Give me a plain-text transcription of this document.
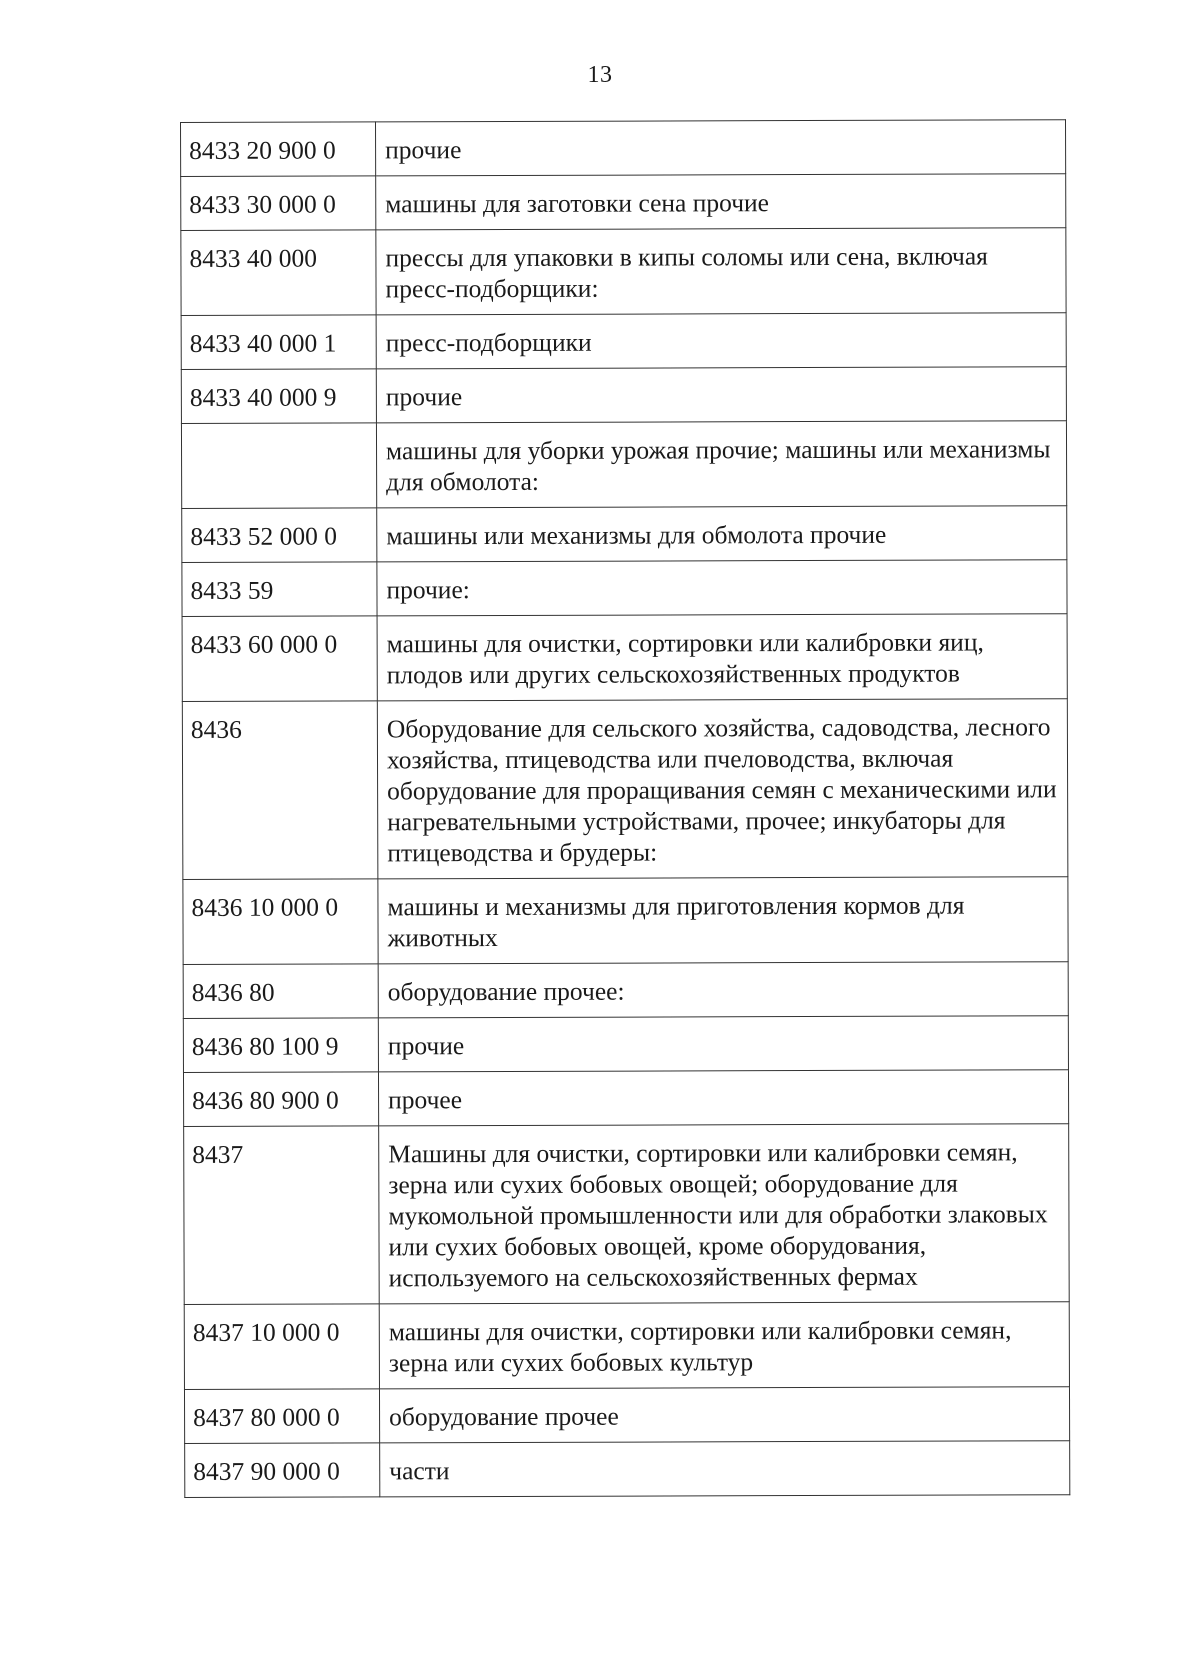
13
8433 20 900 0	прочие
8433 30 000 0	машины для заготовки сена прочие
8433 40 000	прессы для упаковки в кипы соломы или сена, включая пресс-подборщики:
8433 40 000 1	пресс-подборщики
8433 40 000 9	прочие
	машины для уборки урожая прочие; машины или механизмы для обмолота:
8433 52 000 0	машины или механизмы для обмолота прочие
8433 59	прочие:
8433 60 000 0	машины для очистки, сортировки или калибровки яиц, плодов или других сельскохозяйственных продуктов
8436	Оборудование для сельского хозяйства, садоводства, лесного хозяйства, птицеводства или пчеловодства, включая оборудование для проращивания семян с механическими или нагревательными устройствами, прочее; инкубаторы для птицеводства и брудеры:
8436 10 000 0	машины и механизмы для приготовления кормов для животных
8436 80	оборудование прочее:
8436 80 100 9	прочие
8436 80 900 0	прочее
8437	Машины для очистки, сортировки или калибровки семян, зерна или сухих бобовых овощей; оборудование для мукомольной промышленности или для обработки злаковых или сухих бобовых овощей, кроме оборудования, используемого на сельскохозяйственных фермах
8437 10 000 0	машины для очистки, сортировки или калибровки семян, зерна или сухих бобовых культур
8437 80 000 0	оборудование прочее
8437 90 000 0	части
